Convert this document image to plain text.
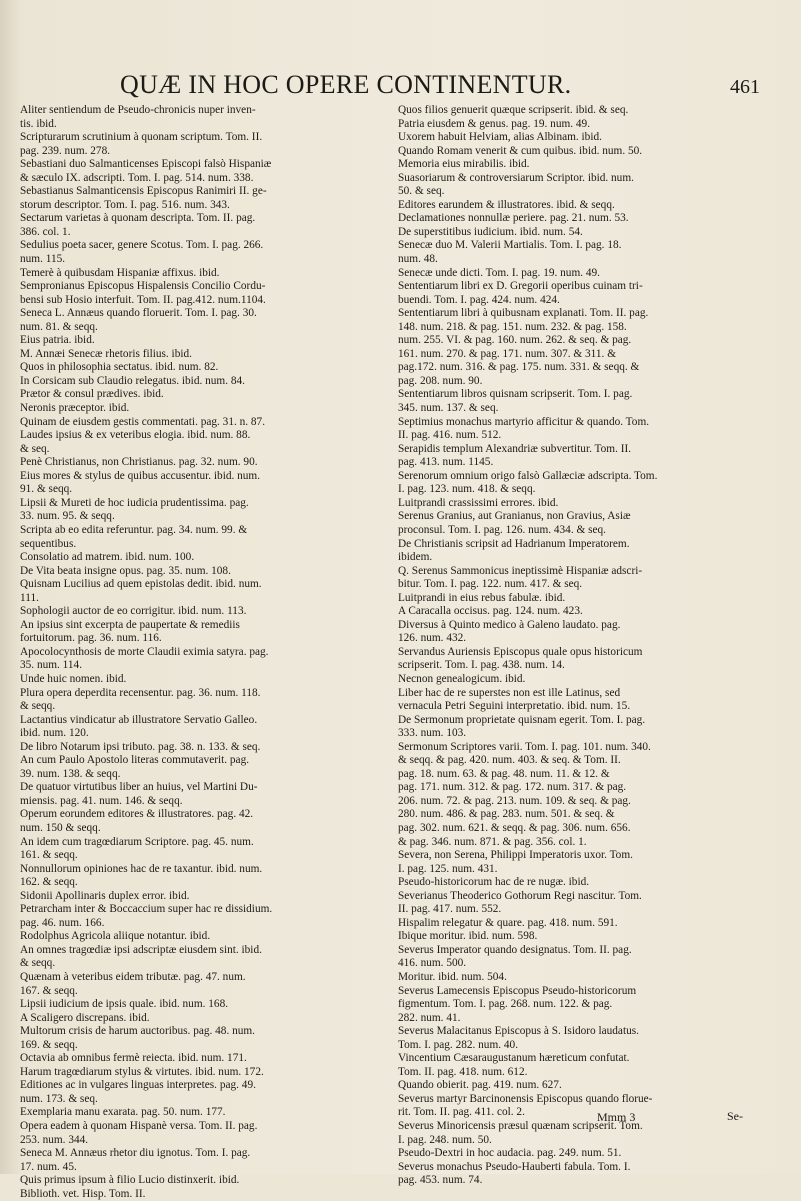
QUÆ IN HOC OPERE CONTINENTUR.	461
Aliter sentiendum de Pseudo-chronicis nuper inven-
tis. ibid.
Scripturarum scrutinium à quonam scriptum. Tom. II.
pag. 239. num. 278.
Sebastiani duo Salmanticenses Episcopi falsò Hispaniæ
& sæculo IX. adscripti. Tom. I. pag. 514. num. 338.
Sebastianus Salmanticensis Episcopus Ranimiri II. ge-
storum descriptor. Tom. I. pag. 516. num. 343.
Sectarum varietas à quonam descripta. Tom. II. pag.
386. col. 1.
Sedulius poeta sacer, genere Scotus. Tom. I. pag. 266.
num. 115.
Temerè à quibusdam Hispaniæ affixus. ibid.
Sempronianus Episcopus Hispalensis Concilio Cordu-
bensi sub Hosio interfuit. Tom. II. pag.412. num.1104.
Seneca L. Annæus quando floruerit. Tom. I. pag. 30.
num. 81. & seqq.
Eius patria. ibid.
M. Annæi Senecæ rhetoris filius. ibid.
Quos in philosophia sectatus. ibid. num. 82.
In Corsicam sub Claudio relegatus. ibid. num. 84.
Prætor & consul prædives. ibid.
Neronis præceptor. ibid.
Quinam de eiusdem gestis commentati. pag. 31. n. 87.
Laudes ipsius & ex veteribus elogia. ibid. num. 88.
& seq.
Penè Christianus, non Christianus. pag. 32. num. 90.
Eius mores & stylus de quibus accusentur. ibid. num.
91. & seqq.
Lipsii & Mureti de hoc iudicia prudentissima. pag.
33. num. 95. & seqq.
Scripta ab eo edita referuntur. pag. 34. num. 99. &
sequentibus.
Consolatio ad matrem. ibid. num. 100.
De Vita beata insigne opus. pag. 35. num. 108.
Quisnam Lucilius ad quem epistolas dedit. ibid. num.
111.
Sophologii auctor de eo corrigitur. ibid. num. 113.
An ipsius sint excerpta de paupertate & remediis
fortuitorum. pag. 36. num. 116.
Apocolocynthosis de morte Claudii eximia satyra. pag.
35. num. 114.
Unde huic nomen. ibid.
Plura opera deperdita recensentur. pag. 36. num. 118.
& seqq.
Lactantius vindicatur ab illustratore Servatio Galleo.
ibid. num. 120.
De libro Notarum ipsi tributo. pag. 38. n. 133. & seq.
An cum Paulo Apostolo literas commutaverit. pag.
39. num. 138. & seqq.
De quatuor virtutibus liber an huius, vel Martini Du-
miensis. pag. 41. num. 146. & seqq.
Operum eorundem editores & illustratores. pag. 42.
num. 150 & seqq.
An idem cum tragœdiarum Scriptore. pag. 45. num.
161. & seqq.
Nonnullorum opiniones hac de re taxantur. ibid. num.
162. & seqq.
Sidonii Apollinaris duplex error. ibid.
Petrarcham inter & Boccaccium super hac re dissidium.
pag. 46. num. 166.
Rodolphus Agricola aliique notantur. ibid.
An omnes tragœdiæ ipsi adscriptæ eiusdem sint. ibid.
& seqq.
Quænam à veteribus eidem tributæ. pag. 47. num.
167. & seqq.
Lipsii iudicium de ipsis quale. ibid. num. 168.
A Scaligero discrepans. ibid.
Multorum crisis de harum auctoribus. pag. 48. num.
169. & seqq.
Octavia ab omnibus fermè reiecta. ibid. num. 171.
Harum tragœdiarum stylus & virtutes. ibid. num. 172.
Editiones ac in vulgares linguas interpretes. pag. 49.
num. 173. & seq.
Exemplaria manu exarata. pag. 50. num. 177.
Opera eadem à quonam Hispanè versa. Tom. II. pag.
253. num. 344.
Seneca M. Annæus rhetor diu ignotus. Tom. I. pag.
17. num. 45.
Quis primus ipsum à filio Lucio distinxerit. ibid.
Biblioth. vet. Hisp. Tom. II.
Quos filios genuerit quæque scripserit. ibid. & seq.
Patria eiusdem & genus. pag. 19. num. 49.
Uxorem habuit Helviam, alias Albinam. ibid.
Quando Romam venerit & cum quibus. ibid. num. 50.
Memoria eius mirabilis. ibid.
Suasoriarum & controversiarum Scriptor. ibid. num.
50. & seq.
Editores earundem & illustratores. ibid. & seqq.
Declamationes nonnullæ periere. pag. 21. num. 53.
De superstitibus iudicium. ibid. num. 54.
Senecæ duo M. Valerii Martialis. Tom. I. pag. 18.
num. 48.
Senecæ unde dicti. Tom. I. pag. 19. num. 49.
Sententiarum libri ex D. Gregorii operibus cuinam tri-
buendi. Tom. I. pag. 424. num. 424.
Sententiarum libri à quibusnam explanati. Tom. II. pag.
148. num. 218. & pag. 151. num. 232. & pag. 158.
num. 255. VI. & pag. 160. num. 262. & seq. & pag.
161. num. 270. & pag. 171. num. 307. & 311. &
pag.172. num. 316. & pag. 175. num. 331. & seqq. &
pag. 208. num. 90.
Sententiarum libros quisnam scripserit. Tom. I. pag.
345. num. 137. & seq.
Septimius monachus martyrio afficitur & quando. Tom.
II. pag. 416. num. 512.
Serapidis templum Alexandriæ subvertitur. Tom. II.
pag. 413. num. 1145.
Serenorum omnium origo falsò Gallæciæ adscripta. Tom.
I. pag. 123. num. 418. & seqq.
Luitprandi crassissimi errores. ibid.
Serenus Granius, aut Granianus, non Gravius, Asiæ
proconsul. Tom. I. pag. 126. num. 434. & seq.
De Christianis scripsit ad Hadrianum Imperatorem.
ibidem.
Q. Serenus Sammonicus ineptissimè Hispaniæ adscri-
bitur. Tom. I. pag. 122. num. 417. & seq.
Luitprandi in eius rebus fabulæ. ibid.
A Caracalla occisus. pag. 124. num. 423.
Diversus à Quinto medico à Galeno laudato. pag.
126. num. 432.
Servandus Auriensis Episcopus quale opus historicum
scripserit. Tom. I. pag. 438. num. 14.
Necnon genealogicum. ibid.
Liber hac de re superstes non est ille Latinus, sed
vernacula Petri Seguini interpretatio. ibid. num. 15.
De Sermonum proprietate quisnam egerit. Tom. I. pag.
333. num. 103.
Sermonum Scriptores varii. Tom. I. pag. 101. num. 340.
& seqq. & pag. 420. num. 403. & seq. & Tom. II.
pag. 18. num. 63. & pag. 48. num. 11. & 12. &
pag. 171. num. 312. & pag. 172. num. 317. & pag.
206. num. 72. & pag. 213. num. 109. & seq. & pag.
280. num. 486. & pag. 283. num. 501. & seq. &
pag. 302. num. 621. & seqq. & pag. 306. num. 656.
& pag. 346. num. 871. & pag. 356. col. 1.
Severa, non Serena, Philippi Imperatoris uxor. Tom.
I. pag. 125. num. 431.
Pseudo-historicorum hac de re nugæ. ibid.
Severianus Theoderico Gothorum Regi nascitur. Tom.
II. pag. 417. num. 552.
Hispalim relegatur & quare. pag. 418. num. 591.
Ibique moritur. ibid. num. 598.
Severus Imperator quando designatus. Tom. II. pag.
416. num. 500.
Moritur. ibid. num. 504.
Severus Lamecensis Episcopus Pseudo-historicorum
figmentum. Tom. I. pag. 268. num. 122. & pag.
282. num. 41.
Severus Malacitanus Episcopus à S. Isidoro laudatus.
Tom. I. pag. 282. num. 40.
Vincentium Cæsaraugustanum hæreticum confutat.
Tom. II. pag. 418. num. 612.
Quando obierit. pag. 419. num. 627.
Severus martyr Barcinonensis Episcopus quando florue-
rit. Tom. II. pag. 411. col. 2.
Severus Minoricensis præsul quænam scripserit. Tom.
I. pag. 248. num. 50.
Pseudo-Dextri in hoc audacia. pag. 249. num. 51.
Severus monachus Pseudo-Hauberti fabula. Tom. I.
pag. 453. num. 74.
Mmm 3	Se-
